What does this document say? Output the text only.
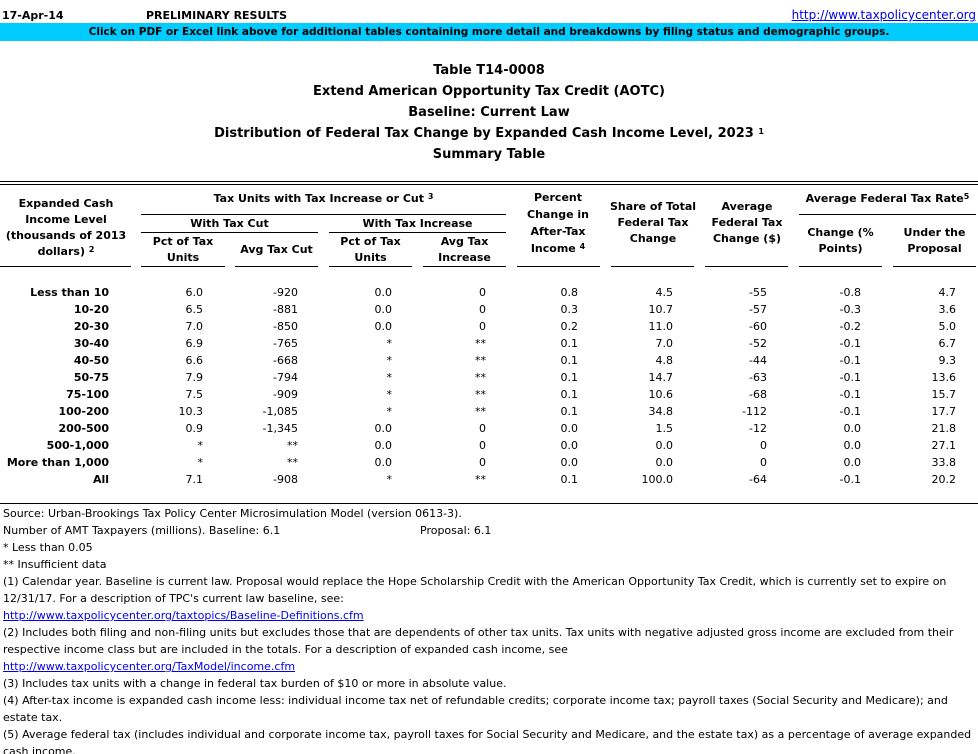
17-Apr-14	PRELIMINARY RESULTS	http://www.taxpolicycenter.org
Click on PDF or Excel link above for additional tables containing more detail and breakdowns by filing status and demographic groups.
Table T14-0008
Extend American Opportunity Tax Credit (AOTC)
Baseline: Current Law
Distribution of Federal Tax Change by Expanded Cash Income Level, 2023 $^1$
Summary Table
Expanded Cash Income Level (thousands of 2013 dollars) $^2$
Tax Units with Tax Increase or Cut $^3$
With Tax Cut	With Tax Increase
Pct of Tax Units
Avg Tax Cut
Pct of Tax Units
Avg Tax Increase
Percent Change in After-Tax Income $^4$
Share of Total Federal Tax Change
Average Federal Tax Change ($)
Average Federal Tax Rate$^5$
Change (% Points)
Under the Proposal
Less than 10	6.0	-920	0.0	0	0.8	4.5	-55	-0.8	4.7
10-20	6.5	-881	0.0	0	0.3	10.7	-57	-0.3	3.6
20-30	7.0	-850	0.0	0	0.2	11.0	-60	-0.2	5.0
30-40	6.9	-765	*	**	0.1	7.0	-52	-0.1	6.7
40-50	6.6	-668	*	**	0.1	4.8	-44	-0.1	9.3
50-75	7.9	-794	*	**	0.1	14.7	-63	-0.1	13.6
75-100	7.5	-909	*	**	0.1	10.6	-68	-0.1	15.7
100-200	10.3	-1,085	*	**	0.1	34.8	-112	-0.1	17.7
200-500	0.9	-1,345	0.0	0	0.0	1.5	-12	0.0	21.8
500-1,000	*	**	0.0	0	0.0	0.0	0	0.0	27.1
More than 1,000	*	**	0.0	0	0.0	0.0	0	0.0	33.8
All	7.1	-908	*	**	0.1	100.0	-64	-0.1	20.2
Source: Urban-Brookings Tax Policy Center Microsimulation Model (version 0613-3).
Number of AMT Taxpayers (millions). Baseline: 6.1	Proposal: 6.1
* Less than 0.05
** Insufficient data
(1) Calendar year. Baseline is current law. Proposal would replace the Hope Scholarship Credit with the American Opportunity Tax Credit, which is currently set to expire on
12/31/17. For a description of TPC's current law baseline, see:
http://www.taxpolicycenter.org/taxtopics/Baseline-Definitions.cfm
(2) Includes both filing and non-filing units but excludes those that are dependents of other tax units. Tax units with negative adjusted gross income are excluded from their
respective income class but are included in the totals. For a description of expanded cash income, see
http://www.taxpolicycenter.org/TaxModel/income.cfm
(3) Includes tax units with a change in federal tax burden of $10 or more in absolute value.
(4) After-tax income is expanded cash income less: individual income tax net of refundable credits; corporate income tax; payroll taxes (Social Security and Medicare); and
estate tax.
(5) Average federal tax (includes individual and corporate income tax, payroll taxes for Social Security and Medicare, and the estate tax) as a percentage of average expanded
cash income.
